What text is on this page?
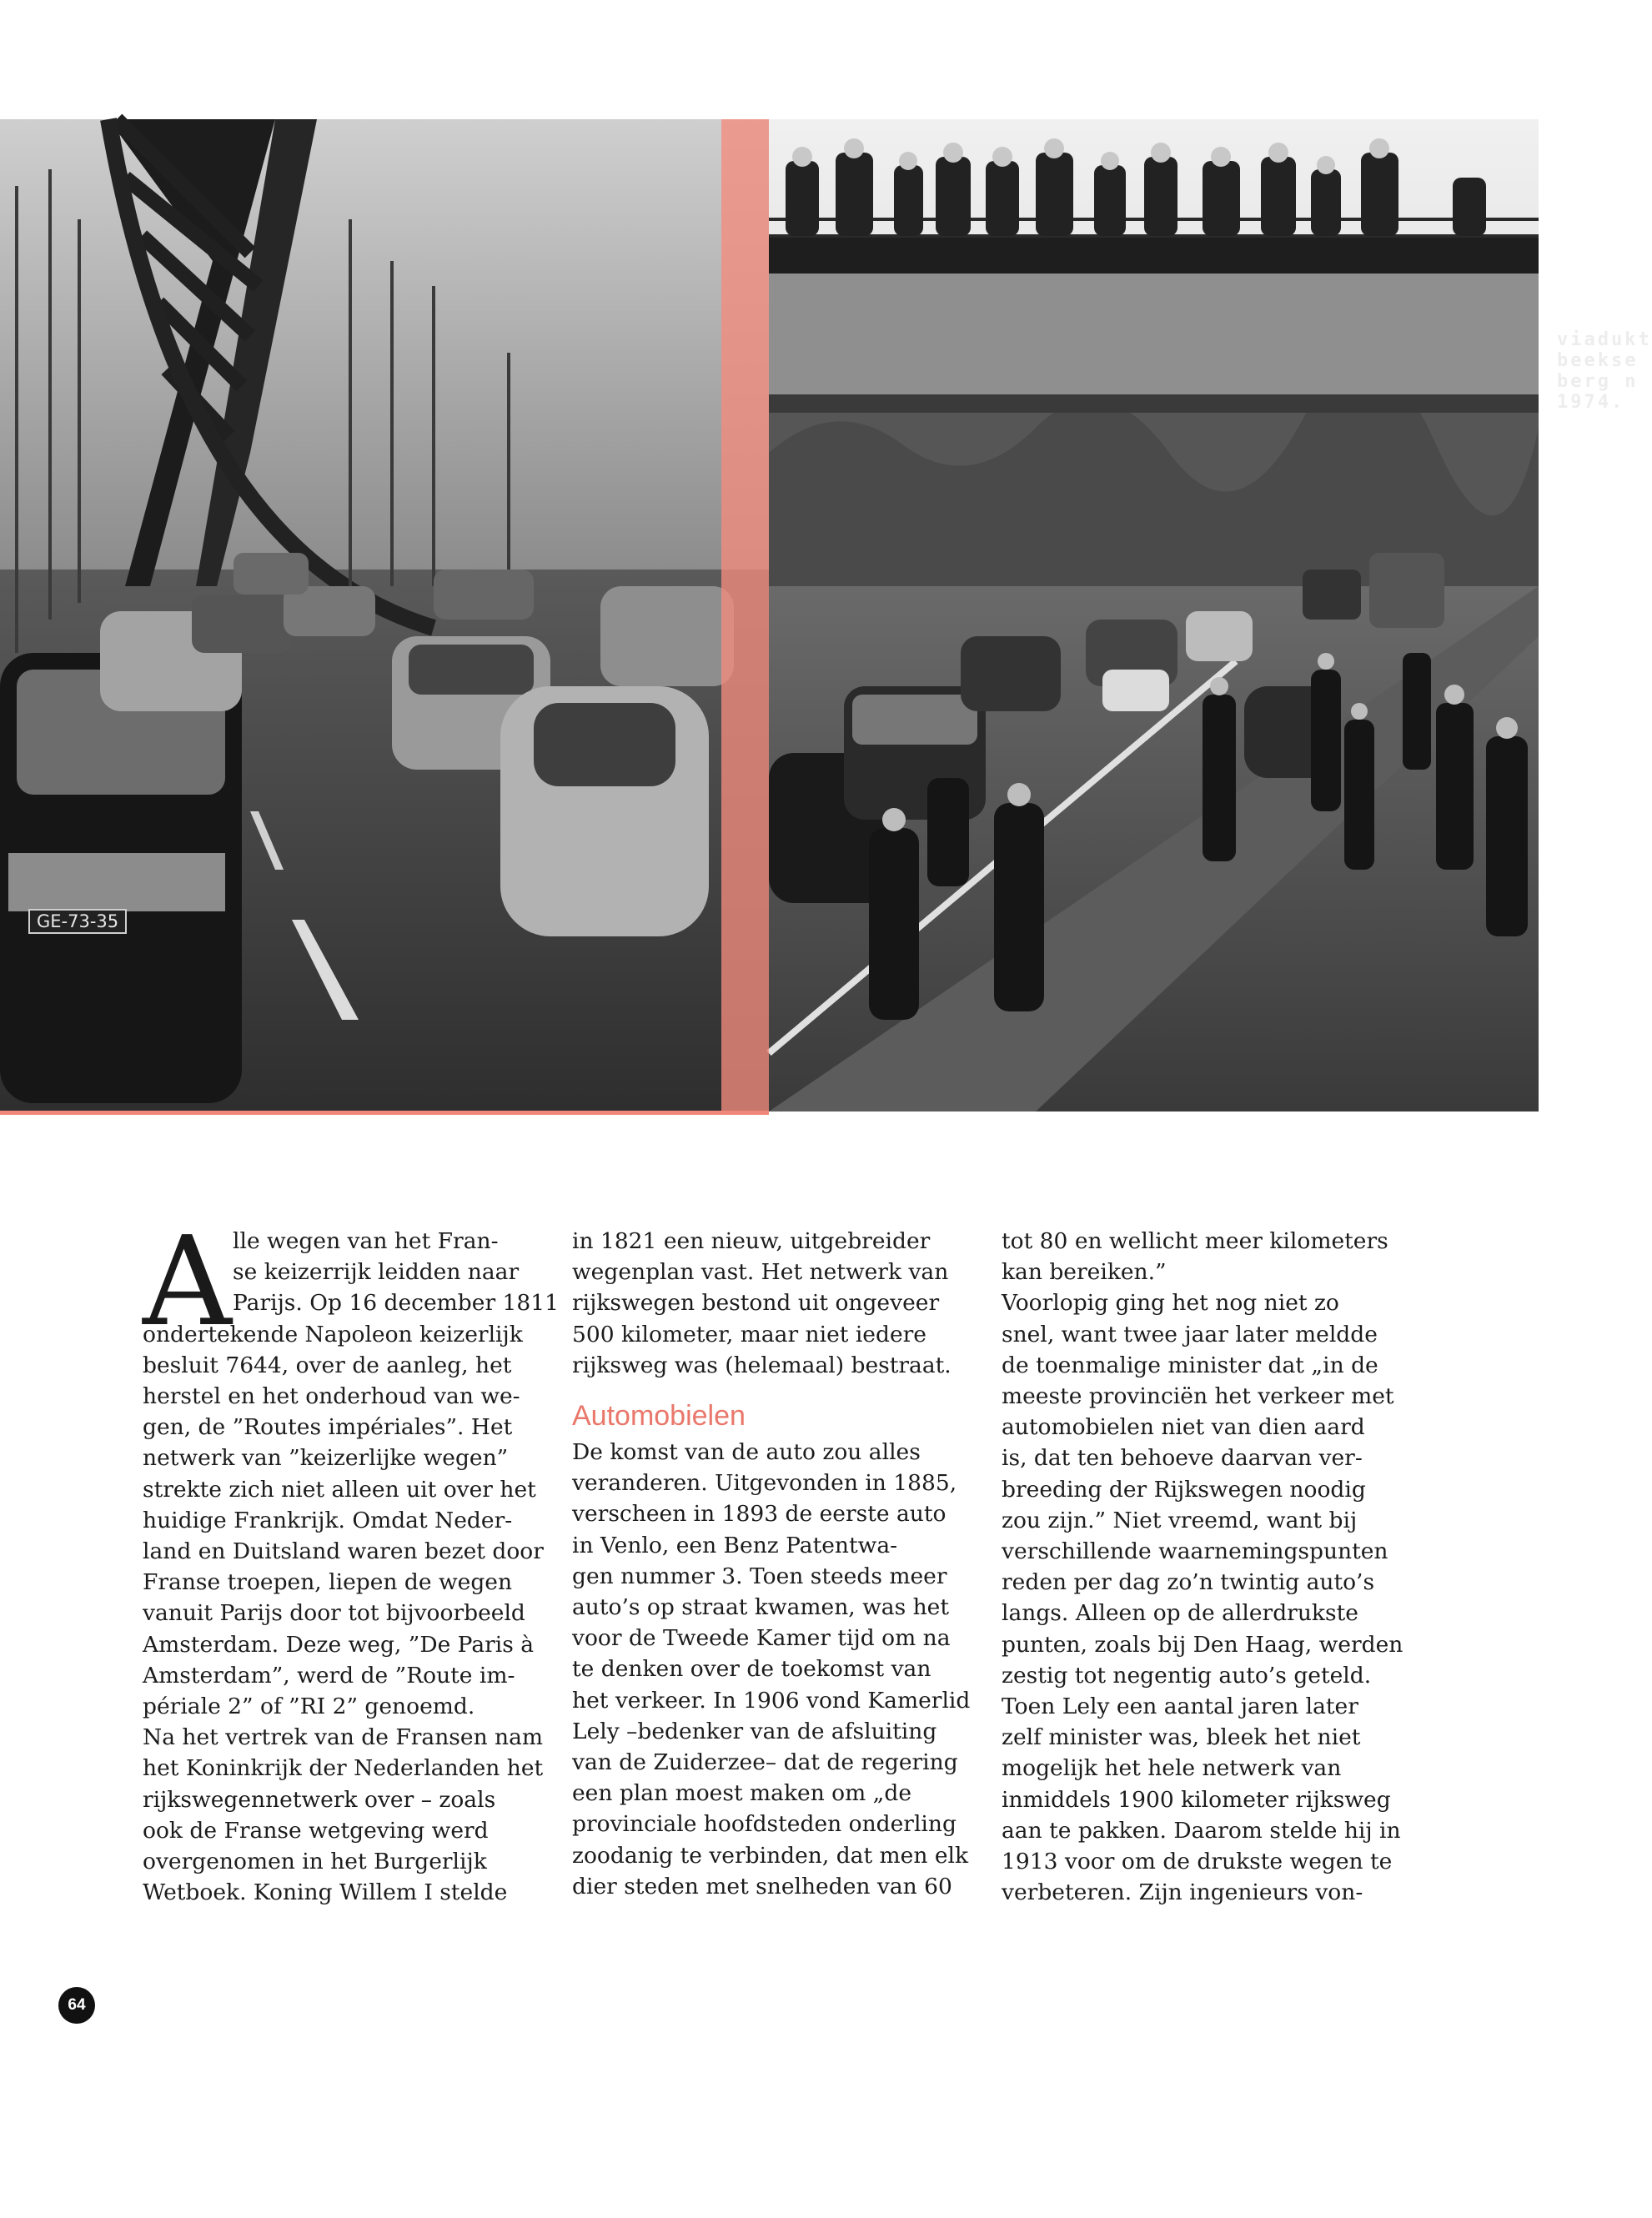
GE-73-35
viadukt beekse berg n 1974.
A lle wegen van het Fran-
se keizerrijk leidden naar
Parijs. Op 16 december 1811
ondertekende Napoleon keizerlijk
besluit 7644, over de aanleg, het
herstel en het onderhoud van we-
gen, de ”Routes impériales”. Het
netwerk van ”keizerlijke wegen”
strekte zich niet alleen uit over het
huidige Frankrijk. Omdat Neder-
land en Duitsland waren bezet door
Franse troepen, liepen de wegen
vanuit Parijs door tot bijvoorbeeld
Amsterdam. Deze weg, ”De Paris à
Amsterdam”, werd de ”Route im-
périale 2” of ”RI 2” genoemd.
Na het vertrek van de Fransen nam
het Koninkrijk der Nederlanden het
rijkswegennetwerk over – zoals
ook de Franse wetgeving werd
overgenomen in het Burgerlijk
Wetboek. Koning Willem I stelde
in 1821 een nieuw, uitgebreider
wegenplan vast. Het netwerk van
rijkswegen bestond uit ongeveer
500 kilometer, maar niet iedere
rijksweg was (helemaal) bestraat.
Automobielen
De komst van de auto zou alles
veranderen. Uitgevonden in 1885,
verscheen in 1893 de eerste auto
in Venlo, een Benz Patentwa-
gen nummer 3. Toen steeds meer
auto’s op straat kwamen, was het
voor de Tweede Kamer tijd om na
te denken over de toekomst van
het verkeer. In 1906 vond Kamerlid
Lely –bedenker van de afsluiting
van de Zuiderzee– dat de regering
een plan moest maken om „de
provinciale hoofdsteden onderling
zoodanig te verbinden, dat men elk
dier steden met snelheden van 60
tot 80 en wellicht meer kilometers
kan bereiken.”
Voorlopig ging het nog niet zo
snel, want twee jaar later meldde
de toenmalige minister dat „in de
meeste provinciën het verkeer met
automobielen niet van dien aard
is, dat ten behoeve daarvan ver-
breeding der Rijkswegen noodig
zou zijn.” Niet vreemd, want bij
verschillende waarnemingspunten
reden per dag zo’n twintig auto’s
langs. Alleen op de allerdrukste
punten, zoals bij Den Haag, werden
zestig tot negentig auto’s geteld.
Toen Lely een aantal jaren later
zelf minister was, bleek het niet
mogelijk het hele netwerk van
inmiddels 1900 kilometer rijksweg
aan te pakken. Daarom stelde hij in
1913 voor om de drukste wegen te
verbeteren. Zijn ingenieurs von-
64
